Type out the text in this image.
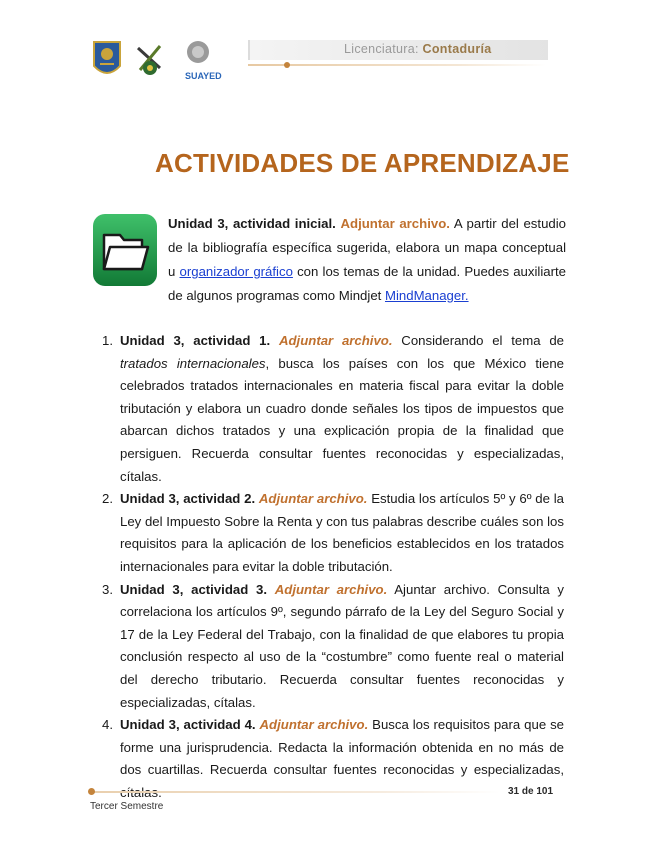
SUAYED
Licenciatura: Contaduría
ACTIVIDADES DE APRENDIZAJE
Unidad 3, actividad inicial. Adjuntar archivo. A partir del estudio de la bibliografía específica sugerida, elabora un mapa conceptual u organizador gráfico con los temas de la unidad. Puedes auxiliarte de algunos programas como Mindjet MindManager.
1. Unidad 3, actividad 1. Adjuntar archivo. Considerando el tema de tratados internacionales, busca los países con los que México tiene celebrados tratados internacionales en materia fiscal para evitar la doble tributación y elabora un cuadro donde señales los tipos de impuestos que abarcan dichos tratados y una explicación propia de la finalidad que persiguen. Recuerda consultar fuentes reconocidas y especializadas, cítalas.
2. Unidad 3, actividad 2. Adjuntar archivo. Estudia los artículos 5º y 6º de la Ley del Impuesto Sobre la Renta y con tus palabras describe cuáles son los requisitos para la aplicación de los beneficios establecidos en los tratados internacionales para evitar la doble tributación.
3. Unidad 3, actividad 3. Adjuntar archivo. Ajuntar archivo. Consulta y correlaciona los artículos 9º, segundo párrafo de la Ley del Seguro Social y 17 de la Ley Federal del Trabajo, con la finalidad de que elabores tu propia conclusión respecto al uso de la “costumbre” como fuente real o material del derecho tributario. Recuerda consultar fuentes reconocidas y especializadas, cítalas.
4. Unidad 3, actividad 4. Adjuntar archivo. Busca los requisitos para que se forme una jurisprudencia. Redacta la información obtenida en no más de dos cuartillas. Recuerda consultar fuentes reconocidas y especializadas,
31 de 101
Tercer Semestre
